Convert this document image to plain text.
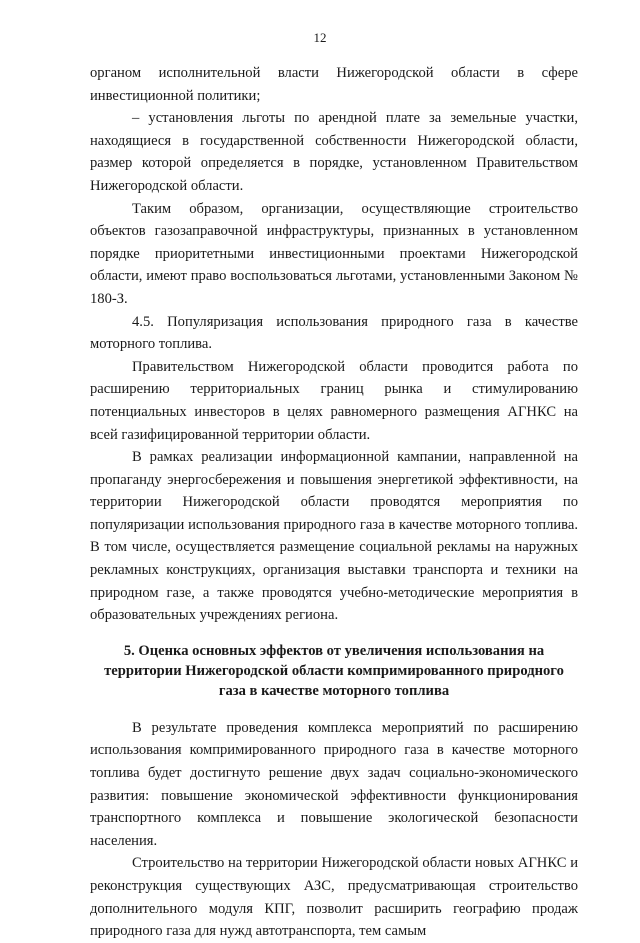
12

органом исполнительной власти Нижегородской области в сфере инвестиционной политики;

– установления льготы по арендной плате за земельные участки, находящиеся в государственной собственности Нижегородской области, размер которой определяется в порядке, установленном Правительством Нижегородской области.

Таким образом, организации, осуществляющие строительство объектов газозаправочной инфраструктуры, признанных в установленном порядке приоритетными инвестиционными проектами Нижегородской области, имеют право воспользоваться льготами, установленными Законом № 180-З.

4.5. Популяризация использования природного газа в качестве моторного топлива.

Правительством Нижегородской области проводится работа по расширению территориальных границ рынка и стимулированию потенциальных инвесторов в целях равномерного размещения АГНКС на всей газифицированной территории области.

В рамках реализации информационной кампании, направленной на пропаганду энергосбережения и повышения энергетикой эффективности, на территории Нижегородской области проводятся мероприятия по популяризации использования природного газа в качестве моторного топлива. В том числе, осуществляется размещение социальной рекламы на наружных рекламных конструкциях, организация выставки транспорта и техники на природном газе, а также проводятся учебно-методические мероприятия в образовательных учреждениях региона.

5. Оценка основных эффектов от увеличения использования на территории Нижегородской области компримированного природного газа в качестве моторного топлива

В результате проведения комплекса мероприятий по расширению использования компримированного природного газа в качестве моторного топлива будет достигнуто решение двух задач социально-экономического развития: повышение экономической эффективности функционирования транспортного комплекса и повышение экологической безопасности населения.

Строительство на территории Нижегородской области новых АГНКС и реконструкция существующих АЗС, предусматривающая строительство дополнительного модуля КПГ, позволит расширить географию продаж природного газа для нужд автотранспорта, тем самым
